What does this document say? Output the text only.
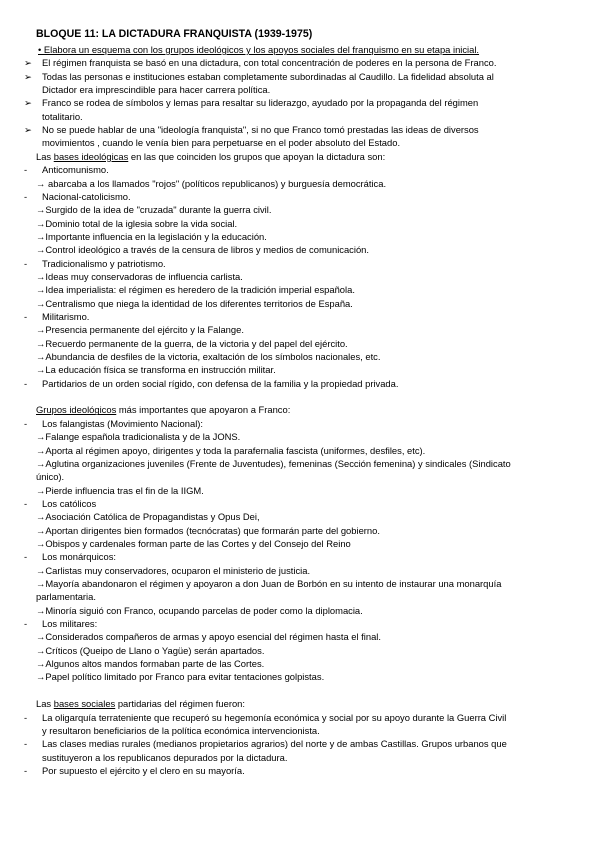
BLOQUE 11: LA DICTADURA FRANQUISTA (1939-1975)
• Elabora un esquema con los grupos ideológicos y los apoyos sociales del franquismo en su etapa inicial.
➢ El régimen franquista se basó en una dictadura, con total concentración de poderes en la persona de Franco.
➢ Todas las personas e instituciones estaban completamente subordinadas al Caudillo. La fidelidad absoluta al
Dictador era imprescindible para hacer carrera política.
➢ Franco se rodea de símbolos y lemas para resaltar su liderazgo, ayudado por la propaganda del régimen
totalitario.
➢ No se puede hablar de una "ideología franquista", si no que Franco tomó prestadas las ideas de diversos
movimientos , cuando le venía bien para perpetuarse en el poder absoluto del Estado.
Las bases ideológicas en las que coinciden los grupos que apoyan la dictadura son:
- Anticomunismo.
→ abarcaba a los llamados "rojos" (políticos republicanos) y burguesía democrática.
- Nacional-catolicismo.
→Surgido de la idea de "cruzada" durante la guerra civil.
→Dominio total de la iglesia sobre la vida social.
→Importante influencia en la legislación y la educación.
→Control ideológico a través de la censura de libros y medios de comunicación.
- Tradicionalismo y patriotismo.
→Ideas muy conservadoras de influencia carlista.
→Idea imperialista: el régimen es heredero de la tradición imperial española.
→Centralismo que niega la identidad de los diferentes territorios de España.
- Militarismo.
→Presencia permanente del ejército y la Falange.
→Recuerdo permanente de la guerra, de la victoria y del papel del ejército.
→Abundancia de desfiles de la victoria, exaltación de los símbolos nacionales, etc.
→La educación física se transforma en instrucción militar.
- Partidarios de un orden social rígido, con defensa de la familia y la propiedad privada.
Grupos ideológicos más importantes que apoyaron a Franco:
- Los falangistas (Movimiento Nacional):
→Falange española tradicionalista y de la JONS.
→Aporta al régimen apoyo, dirigentes y toda la parafernalia fascista (uniformes, desfiles, etc).
→Aglutina organizaciones juveniles (Frente de Juventudes), femeninas (Sección femenina) y sindicales (Sindicato
único).
→Pierde influencia tras el fin de la IIGM.
- Los católicos
→Asociación Católica de Propagandistas y Opus Dei,
→Aportan dirigentes bien formados (tecnócratas) que formarán parte del gobierno.
→Obispos y cardenales forman parte de las Cortes y del Consejo del Reino
- Los monárquicos:
→Carlistas muy conservadores, ocuparon el ministerio de justicia.
→Mayoría abandonaron el régimen y apoyaron a don Juan de Borbón en su intento de instaurar una monarquía
parlamentaria.
→Minoría siguió con Franco, ocupando parcelas de poder como la diplomacia.
- Los militares:
→Considerados compañeros de armas y apoyo esencial del régimen hasta el final.
→Críticos (Queipo de Llano o Yagüe) serán apartados.
→Algunos altos mandos formaban parte de las Cortes.
→Papel político limitado por Franco para evitar tentaciones golpistas.
Las bases sociales partidarias del régimen fueron:
- La oligarquía terrateniente que recuperó su hegemonía económica y social por su apoyo durante la Guerra Civil
y resultaron beneficiarios de la política económica intervencionista.
- Las clases medias rurales (medianos propietarios agrarios) del norte y de ambas Castillas. Grupos urbanos que
sustituyeron a los republicanos depurados por la dictadura.
- Por supuesto el ejército y el clero en su mayoría.
